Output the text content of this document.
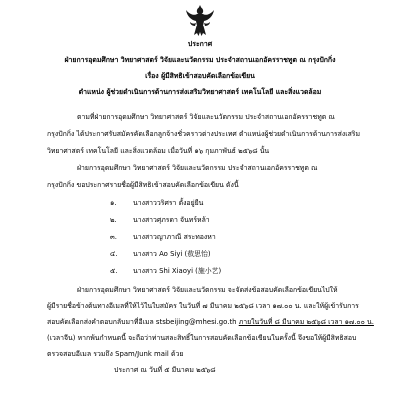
ประกาศ
ฝ่ายการอุดมศึกษา วิทยาศาสตร์ วิจัยและนวัตกรรม ประจำสถานเอกอัครราชทูต ณ กรุงปักกิ่ง
เรื่อง ผู้มีสิทธิเข้าสอบคัดเลือกข้อเขียน
ตำแหน่ง ผู้ช่วยดำเนินการด้านการส่งเสริมวิทยาศาสตร์ เทคโนโลยี และสิ่งแวดล้อม
ตามที่ฝ่ายการอุดมศึกษา วิทยาศาสตร์ วิจัยและนวัตกรรม ประจำสถานเอกอัครราชทูต ณ
กรุงปักกิ่ง ได้ประกาศรับสมัครคัดเลือกลูกจ้างชั่วคราวต่างประเทศ ตำแหน่งผู้ช่วยดำเนินการด้านการส่งเสริม
วิทยาศาสตร์ เทคโนโลยี และสิ่งแวดล้อม เมื่อวันที่ ๑๖ กุมภาพันธ์ ๒๕๖๘ นั้น
ฝ่ายการอุดมศึกษา วิทยาศาสตร์ วิจัยและนวัตกรรม ประจำสถานเอกอัครราชทูต ณ
กรุงปักกิ่ง ขอประกาศรายชื่อผู้มีสิทธิเข้าสอบคัดเลือกข้อเขียน ดังนี้
๑. นางสาววริศรา ตั้งอยู่ยืน
๒. นางสาวศุภรดา จันทร์หล้า
๓. นางสาวญาภาณี สระทองหา
๔. นางสาว Ao Siyi (敖思怡)
๕. นางสาว Shi Xiaoyi (施小艺)
ฝ่ายการอุดมศึกษา วิทยาศาสตร์ วิจัยและนวัตกรรม จะจัดส่งข้อสอบคัดเลือกข้อเขียนไปให้
ผู้มีรายชื่อข้างต้นทางอีเมลที่ให้ไว้ในใบสมัคร ในวันที่ ๗ มีนาคม ๒๕๖๘ เวลา ๑๗.๐๐ น. และให้ผู้เข้ารับการ
สอบคัดเลือกส่งคำตอบกลับมาที่อีเมล stsbeijing@mhesi.go.th ภายในวันที่ ๘ มีนาคม ๒๕๖๘ เวลา ๑๗.๐๐ น.
(เวลาจีน) หากพ้นกำหนดนี้ จะถือว่าท่านสละสิทธิ์ในการสอบคัดเลือกข้อเขียนในครั้งนี้ จึงขอให้ผู้มีสิทธิสอบ
ตรวจสอบอีเมล รวมถึง Spam/Junk mail ด้วย
ประกาศ ณ วันที่ ๕ มีนาคม ๒๕๖๘
